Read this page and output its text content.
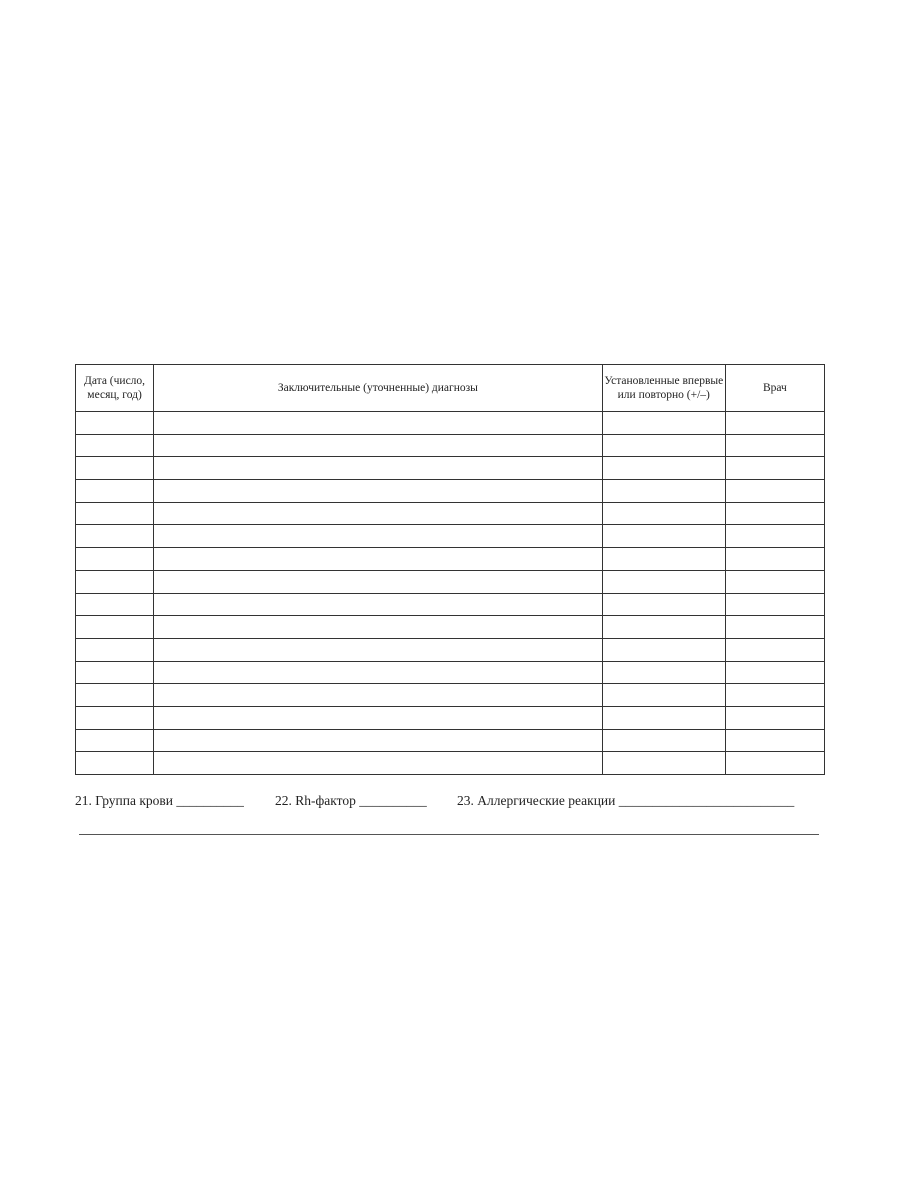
Дата (число, месяц, год)	Заключительные (уточненные) диагнозы	Установленные впервые или повторно (+/–)	Врач

21. Группа крови __________ 22. Rh-фактор __________ 23. Аллергические реакции __________________________
